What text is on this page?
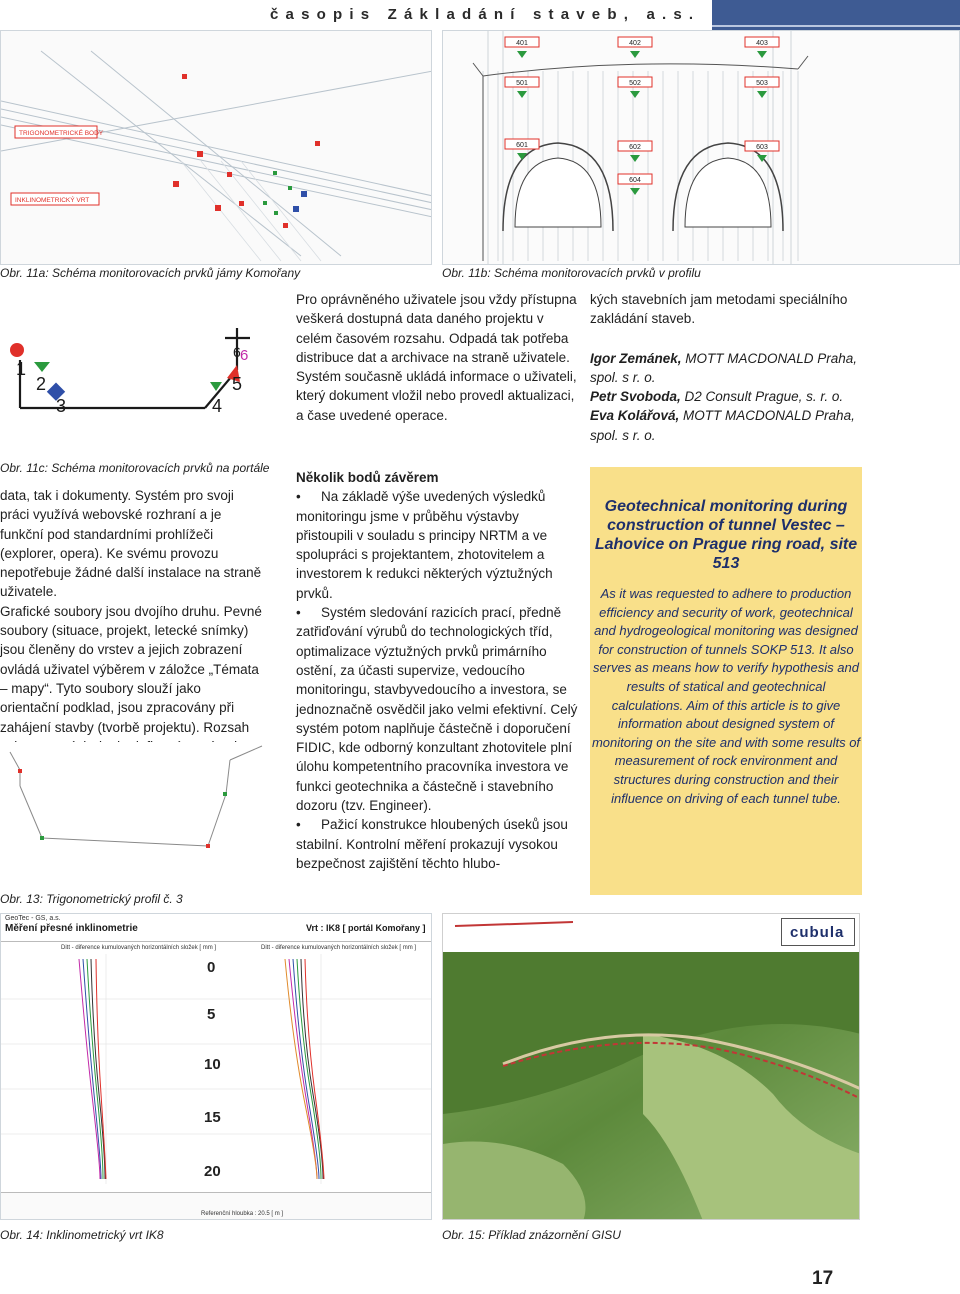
časopis Základání staveb, a.s.
TRIGONOMETRICKÉ BODY
INKLINOMETRICKÝ VRT
Obr. 11a: Schéma monitorovacích prvků jámy Komořany
401	402	403
501	502	503
601	602	603
604
Obr. 11b: Schéma monitorovacích prvků v profilu
6
1
2
3	4
5
6
Obr. 11c: Schéma monitorovacích prvků na portále

Pro oprávněného uživatele jsou vždy přístupna veškerá dostupná data daného projektu v celém časovém rozsahu. Odpadá tak potřeba distribuce dat a archivace na straně uživatele. Systém současně ukládá informace o uživateli, který dokument vložil nebo provedl aktualizaci, a čase uvedené operace.

kých stavebních jam metodami speciálního zakládání staveb.

Igor Zemánek, MOTT MACDONALD Praha, spol. s r. o.

Petr Svoboda, D2 Consult Prague, s. r. o.

Eva Kolářová, MOTT MACDONALD Praha, spol. s r. o.

data, tak i dokumenty. Systém pro svoji práci využívá webovské rozhraní a je funkční pod standardními prohlížeči (explorer, opera). Ke svému provozu nepotřebuje žádné další instalace na straně uživatele.

Grafické soubory jsou dvojího druhu. Pevné soubory (situace, projekt, letecké snímky) jsou členěny do vrstev a jejich zobrazení ovládá uživatel výběrem v záložce „Témata – mapy“. Tyto soubory slouží jako orientační podklad, jsou zpracovány při zahájení stavby (tvorbě projektu). Rozsah

Obr. 13: Trigonometrický profil č. 3

Několik bodů závěrem

• Na základě výše uvedených výsledků monitoringu jsme v průběhu výstavby přistoupili v souladu s principy NRTM a ve spolupráci s projektantem, zhotovitelem a investorem k redukci některých výztužných prvků.

• Systém sledování razicích prací, předně zatřiďování výrubů do technologických tříd, optimalizace výztužných prvků primárního ostění, za účasti supervize, vedoucího monitoringu, stavbyvedoucího a investora, se jednoznačně osvědčil jako velmi efektivní. Celý systém potom naplňuje částečně i doporučení FIDIC, kde odborný konzultant zhotovitele plní úlohu kompetentního pracovníka investora ve funkci geotechnika a částečně i stavebního dozoru (tzv. Engineer).

• Pažicí konstrukce hloubených úseků jsou stabilní. Kontrolní měření prokazují vysokou bezpečnost zajištění těchto hlubo-

Geotechnical monitoring during construction of tunnel Vestec – Lahovice on Prague ring road, site 513
As it was requested to adhere to production efficiency and security of work, geotechnical and hydrogeological monitoring was designed for construction of tunnels SOKP 513. It also serves as means how to verify hypothesis and results of statical and geotechnical calculations. Aim of this article is to give information about designed system of monitoring on the site and with some results of measurement of rock environment and structures during construction and their influence on driving of each tunnel tube.
GeoTec - GS, a.s.
Měření přesné inklinometrie	Vrt : IK8 [ portál Komořany ]
Ditt - diference kumulovaných horizontálních složek [ mm ]	Ditt - diference kumulovaných horizontálních složek [ mm ]
0
5
10
15
20
Referenční hloubka : 20.5 [ m ]
Obr. 14: Inklinometrický vrt IK8
cubula
Obr. 15: Příklad znázornění GISU
17
